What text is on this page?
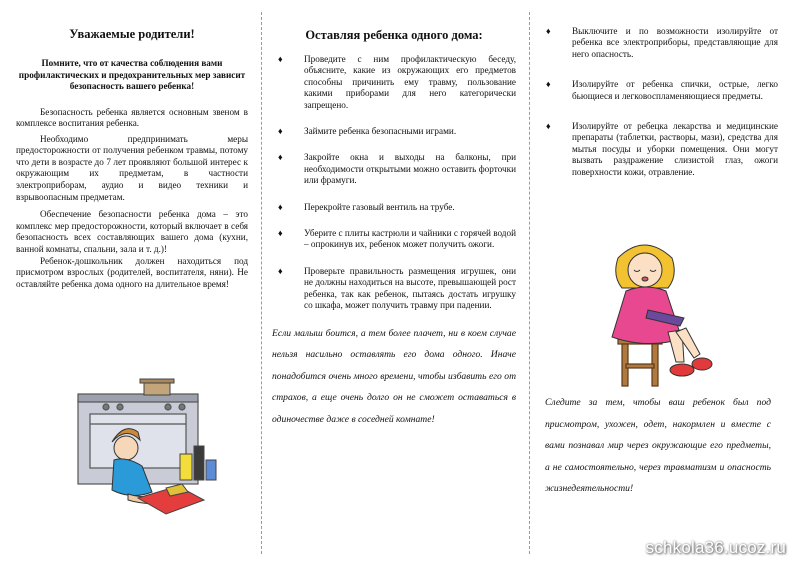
Уважаемые родители!
Помните, что от качества соблюдения вами профилактических и предохранительных мер зависит безопасность вашего ребенка!

Безопасность ребенка является основным звеном в комплексе воспитания ребенка.

Необходимо предпринимать меры предосторожности от получения ребенком травмы, потому что дети в возрасте до 7 лет проявляют большой интерес к окружающим их предметам, в частности электроприборам, аудио и видео техники и взрывоопасным предметам.

Обеспечение безопасности ребенка дома – это комплекс мер предосторожности, который включает в себя безопасность всех составляющих вашего дома (кухни, ванной комнаты, спальни, зала и т. д.)!

Ребенок-дошкольник должен находиться под присмотром взрослых (родителей, воспитателя, няни). Не оставляйте ребенка дома одного на длительное время!

Оставляя ребенка одного дома:
♦ Проведите с ним профилактическую беседу, объясните, какие из окружающих его предметов способны причинить ему травму, пользование какими приборами для него категорически запрещено.
♦ Займите ребенка безопасными играми.
♦ Закройте окна и выходы на балконы, при необходимости открытыми можно оставить форточки или фрамуги.
♦ Перекройте газовый вентиль на трубе.
♦ Уберите с плиты кастрюли и чайники с горячей водой – опрокинув их, ребенок может получить ожоги.
♦ Проверьте правильность размещения игрушек, они не должны находиться на высоте, превышающей рост ребенка, так как ребенок, пытаясь достать игрушку со шкафа, может получить травму при падении.
Если малыш боится, а тем более плачет, ни в коем случае нельзя насильно оставлять его дома одного. Иначе понадобится очень много времени, чтобы избавить его от страхов, а еще очень долго он не сможет оставаться в одиночестве даже в соседней комнате!
♦ Выключите и по возможности изолируйте от ребенка все электроприборы, представляющие для него опасность.
♦ Изолируйте от ребенка спички, острые, легко бьющиеся и легковоспламеняющиеся предметы.
♦ Изолируйте от ребецка лекарства и медицинские препараты (таблетки, растворы, мази), средства для мытья посуды и уборки помещения. Они могут вызвать раздражение слизистой глаз, ожоги поверхности кожи, отравление.
Следите за тем, чтобы ваш ребенок был под присмотром, ухожен, одет, накормлен и вместе с вами познавал мир через окружающие его предметы, а не самостоятельно, через травматизм и опасность жизнедеятельности!
schkola36.ucoz.ru
